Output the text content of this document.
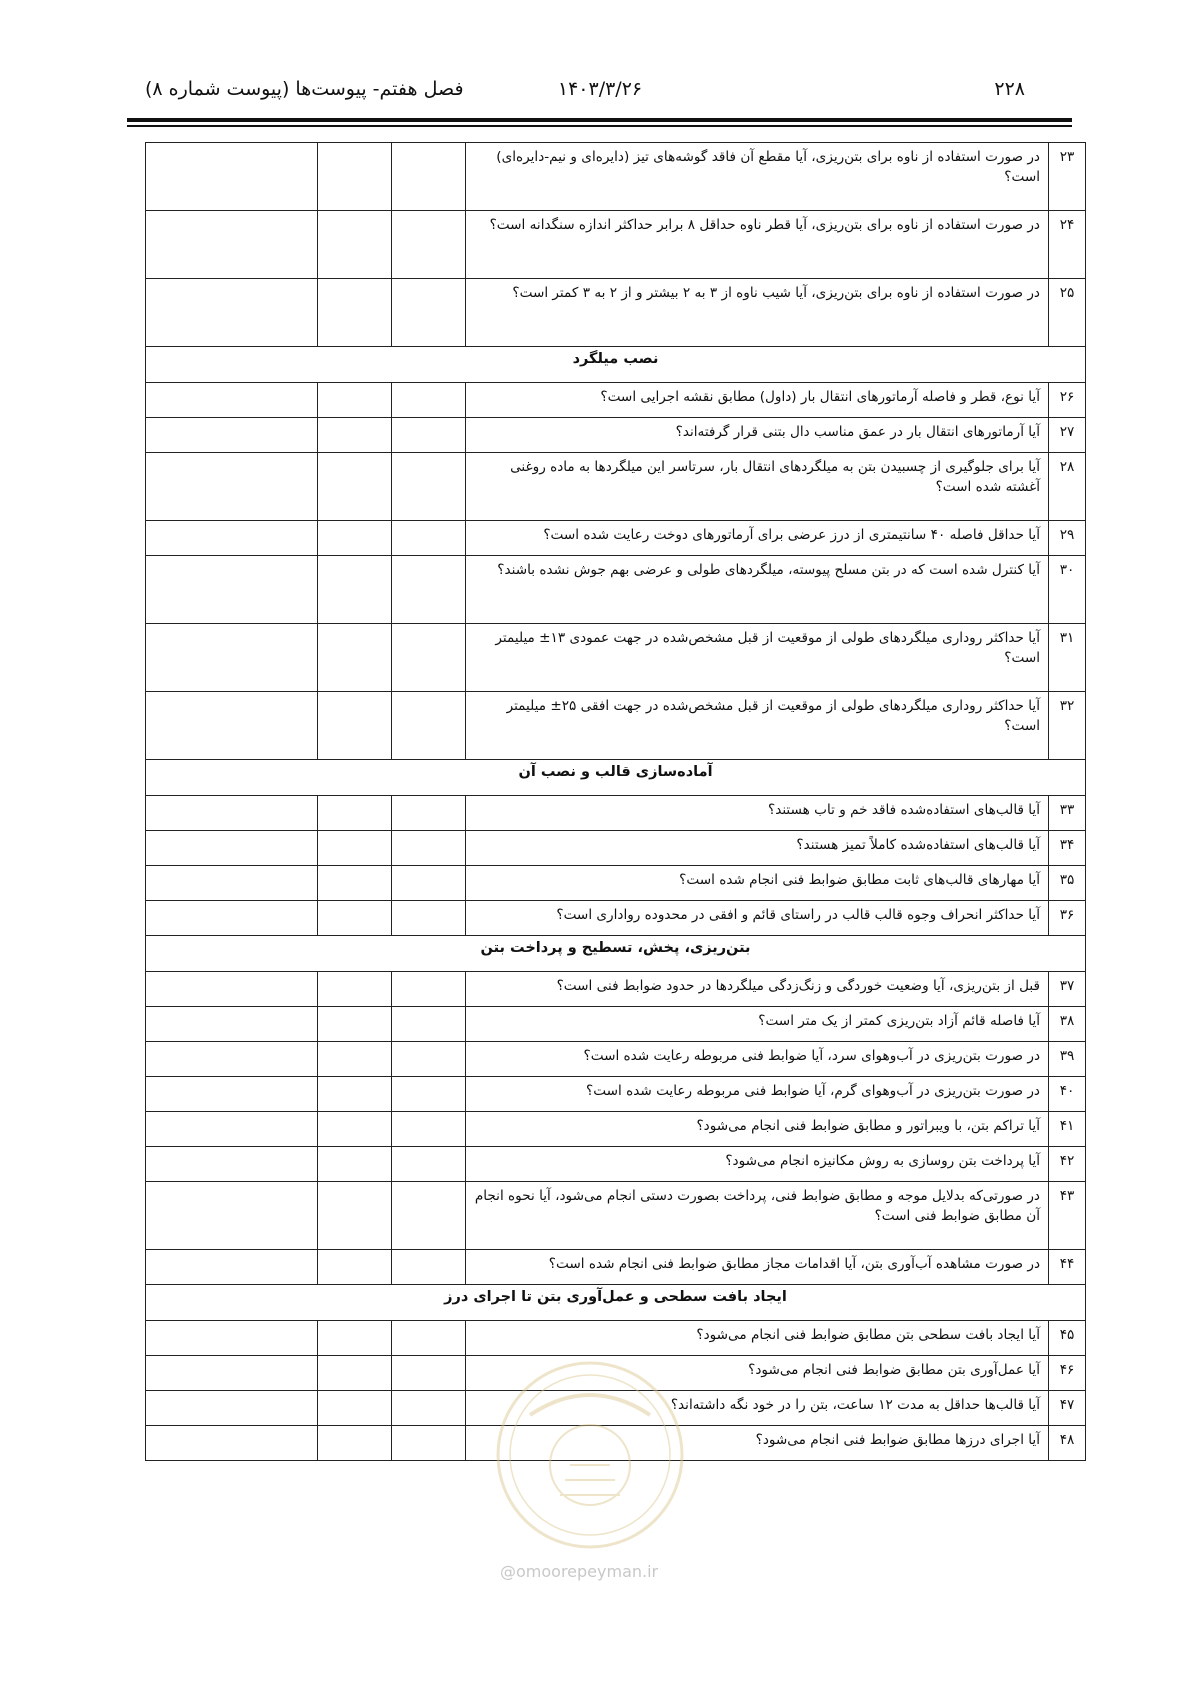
۲۲۸
۱۴۰۳/۳/۲۶
فصل هفتم- پیوست‌ها (پیوست شماره ۸)
۲۳	در صورت استفاده از ناوه برای بتن‌ریزی، آیا مقطع آن فاقد گوشه‌های تیز (دایره‌ای و نیم-دایره‌ای) است؟			
۲۴	در صورت استفاده از ناوه برای بتن‌ریزی، آیا قطر ناوه حداقل ۸ برابر حداکثر اندازه سنگدانه است؟			
۲۵	در صورت استفاده از ناوه برای بتن‌ریزی، آیا شیب ناوه از ۳ به ۲ بیشتر و از ۲ به ۳ کمتر است؟			
نصب میلگرد				
۲۶	آیا نوع، قطر و فاصله آرماتورهای انتقال بار (داول) مطابق نقشه اجرایی است؟			
۲۷	آیا آرماتورهای انتقال بار در عمق مناسب دال بتنی قرار گرفته‌اند؟			
۲۸	آیا برای جلوگیری از چسبیدن بتن به میلگردهای انتقال بار، سرتاسر این میلگردها به ماده روغنی آغشته شده است؟			
۲۹	آیا حداقل فاصله ۴۰ سانتیمتری از درز عرضی برای آرماتورهای دوخت رعایت شده است؟			
۳۰	آیا کنترل شده است که در بتن مسلح پیوسته، میلگردهای طولی و عرضی بهم جوش نشده باشند؟			
۳۱	آیا حداکثر روداری میلگردهای طولی از موقعیت از قبل مشخص‌شده در جهت عمودی ۱۳± میلیمتر است؟			
۳۲	آیا حداکثر روداری میلگردهای طولی از موقعیت از قبل مشخص‌شده در جهت افقی ۲۵± میلیمتر است؟			
آماده‌سازی قالب و نصب آن				
۳۳	آیا قالب‌های استفاده‌شده فاقد خم و تاب هستند؟			
۳۴	آیا قالب‌های استفاده‌شده کاملاً تمیز هستند؟			
۳۵	آیا مهارهای قالب‌های ثابت مطابق ضوابط فنی انجام شده است؟			
۳۶	آیا حداکثر انحراف وجوه قالب قالب در راستای قائم و افقی در محدوده رواداری است؟			
بتن‌ریزی، پخش، تسطیح و پرداخت بتن				
۳۷	قبل از بتن‌ریزی، آیا وضعیت خوردگی و زنگ‌زدگی میلگردها در حدود ضوابط فنی است؟			
۳۸	آیا فاصله قائم آزاد بتن‌ریزی کمتر از یک متر است؟			
۳۹	در صورت بتن‌ریزی در آب‌وهوای سرد، آیا ضوابط فنی مربوطه رعایت شده است؟			
۴۰	در صورت بتن‌ریزی در آب‌وهوای گرم، آیا ضوابط فنی مربوطه رعایت شده است؟			
۴۱	آیا تراکم بتن، با ویبراتور و مطابق ضوابط فنی انجام می‌شود؟			
۴۲	آیا پرداخت بتن روسازی به روش مکانیزه انجام می‌شود؟			
۴۳	در صورتی‌که بدلایل موجه و مطابق ضوابط فنی، پرداخت بصورت دستی انجام می‌شود، آیا نحوه انجام آن مطابق ضوابط فنی است؟			
۴۴	در صورت مشاهده آب‌آوری بتن، آیا اقدامات مجاز مطابق ضوابط فنی انجام شده است؟			
ایجاد بافت سطحی و عمل‌آوری بتن تا اجرای درز				
۴۵	آیا ایجاد بافت سطحی بتن مطابق ضوابط فنی انجام می‌شود؟			
۴۶	آیا عمل‌آوری بتن مطابق ضوابط فنی انجام می‌شود؟			
۴۷	آیا قالب‌ها حداقل به مدت ۱۲ ساعت، بتن را در خود نگه داشته‌اند؟			
۴۸	آیا اجرای درزها مطابق ضوابط فنی انجام می‌شود؟			
@omoorepeyman.ir
